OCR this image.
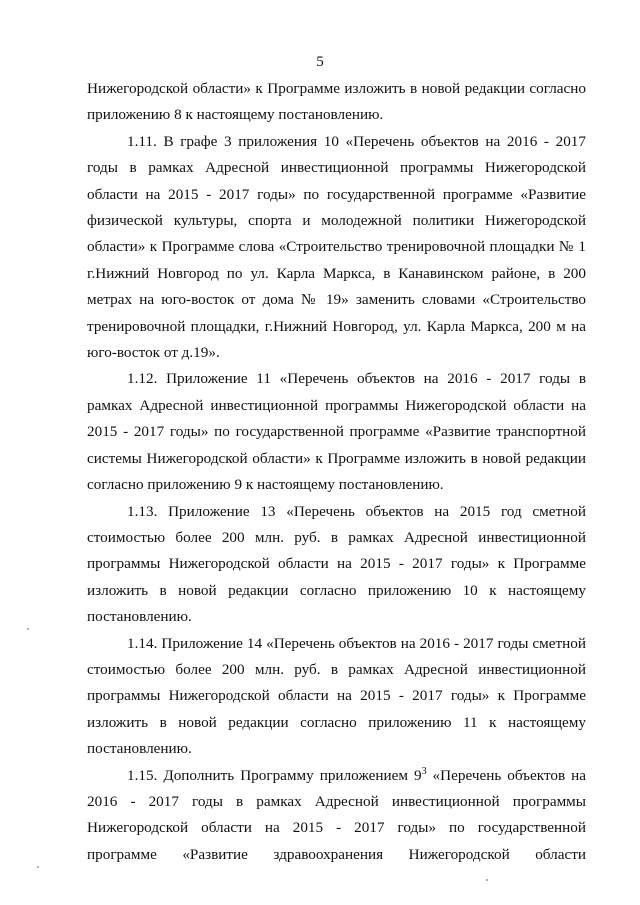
5

Нижегородской области» к Программе изложить в новой редакции согласно приложению 8 к настоящему постановлению.

1.11. В графе 3 приложения 10 «Перечень объектов на 2016 - 2017 годы в рамках Адресной инвестиционной программы Нижегородской области на 2015 - 2017 годы» по государственной программе «Развитие физической культуры, спорта и молодежной политики Нижегородской области» к Программе слова «Строительство тренировочной площадки № 1 г.Нижний Новгород по ул. Карла Маркса, в Канавинском районе, в 200 метрах на юго-восток от дома № 19» заменить словами «Строительство тренировочной площадки, г.Нижний Новгород, ул. Карла Маркса, 200 м на юго-восток от д.19».

1.12. Приложение 11 «Перечень объектов на 2016 - 2017 годы в рамках Адресной инвестиционной программы Нижегородской области на 2015 - 2017 годы» по государственной программе «Развитие транспортной системы Нижегородской области» к Программе изложить в новой редакции согласно приложению 9 к настоящему постановлению.

1.13. Приложение 13 «Перечень объектов на 2015 год сметной стоимостью более 200 млн. руб. в рамках Адресной инвестиционной программы Нижегородской области на 2015 - 2017 годы» к Программе изложить в новой редакции согласно приложению 10 к настоящему постановлению.

1.14. Приложение 14 «Перечень объектов на 2016 - 2017 годы сметной стоимостью более 200 млн. руб. в рамках Адресной инвестиционной программы Нижегородской области на 2015 - 2017 годы» к Программе изложить в новой редакции согласно приложению 11 к настоящему постановлению.

1.15. Дополнить Программу приложением $9^3$ «Перечень объектов на 2016 - 2017 годы в рамках Адресной инвестиционной программы Нижегородской области на 2015 - 2017 годы» по государственной программе «Развитие здравоохранения Нижегородской области
